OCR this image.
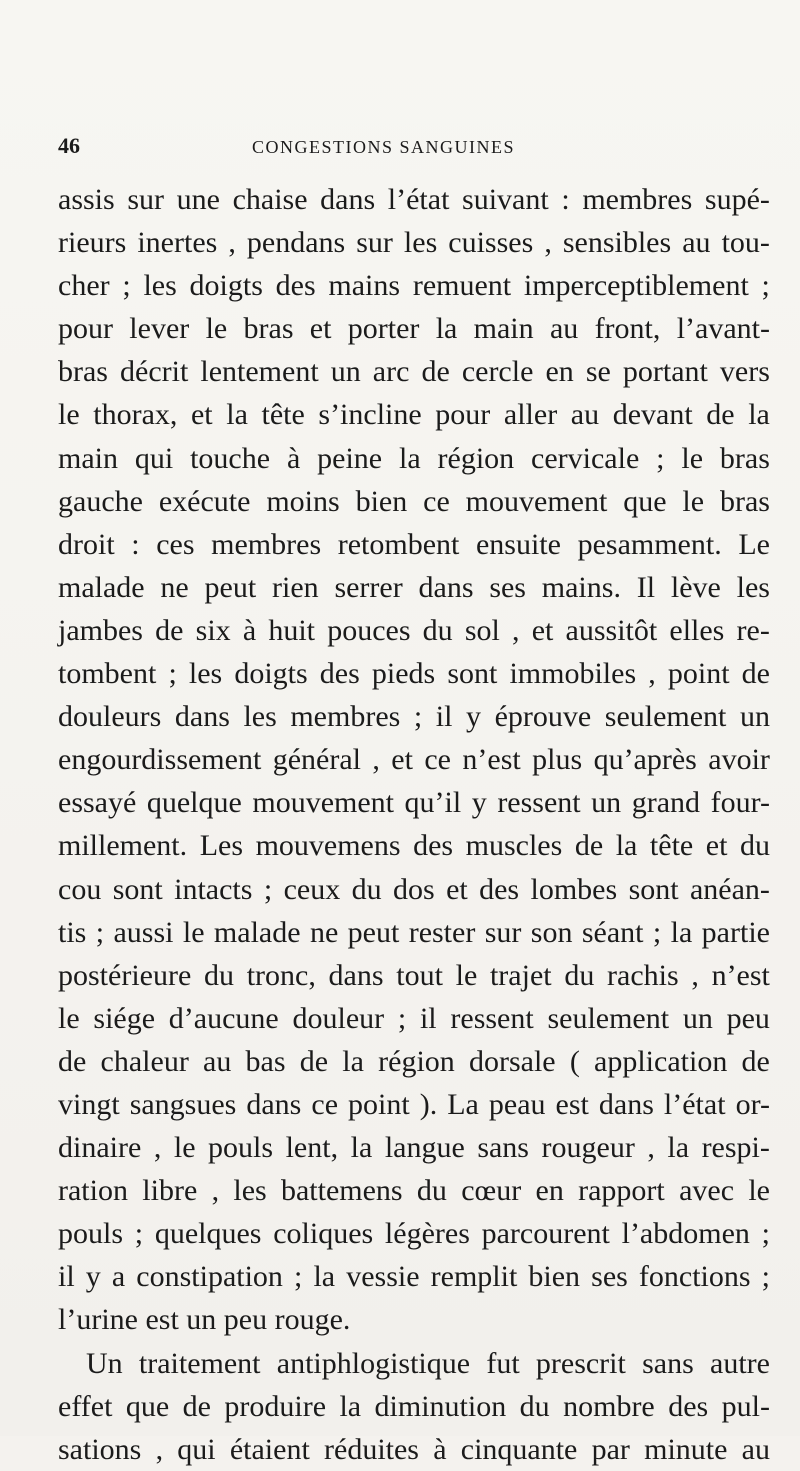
46	CONGESTIONS SANGUINES
assis sur une chaise dans l’état suivant : membres supé-
rieurs inertes , pendans sur les cuisses , sensibles au tou-
cher ; les doigts des mains remuent imperceptiblement ;
pour lever le bras et porter la main au front, l’avant-
bras décrit lentement un arc de cercle en se portant vers
le thorax, et la tête s’incline pour aller au devant de la
main qui touche à peine la région cervicale ; le bras
gauche exécute moins bien ce mouvement que le bras
droit : ces membres retombent ensuite pesamment. Le
malade ne peut rien serrer dans ses mains. Il lève les
jambes de six à huit pouces du sol , et aussitôt elles re-
tombent ; les doigts des pieds sont immobiles , point de
douleurs dans les membres ; il y éprouve seulement un
engourdissement général , et ce n’est plus qu’après avoir
essayé quelque mouvement qu’il y ressent un grand four-
millement. Les mouvemens des muscles de la tête et du
cou sont intacts ; ceux du dos et des lombes sont anéan-
tis ; aussi le malade ne peut rester sur son séant ; la partie
postérieure du tronc, dans tout le trajet du rachis , n’est
le siége d’aucune douleur ; il ressent seulement un peu
de chaleur au bas de la région dorsale ( application de
vingt sangsues dans ce point ). La peau est dans l’état or-
dinaire , le pouls lent, la langue sans rougeur , la respi-
ration libre , les battemens du cœur en rapport avec le
pouls ; quelques coliques légères parcourent l’abdomen ;
il y a constipation ; la vessie remplit bien ses fonctions ;
l’urine est un peu rouge.
Un traitement antiphlogistique fut prescrit sans autre
effet que de produire la diminution du nombre des pul-
sations , qui étaient réduites à cinquante par minute au
